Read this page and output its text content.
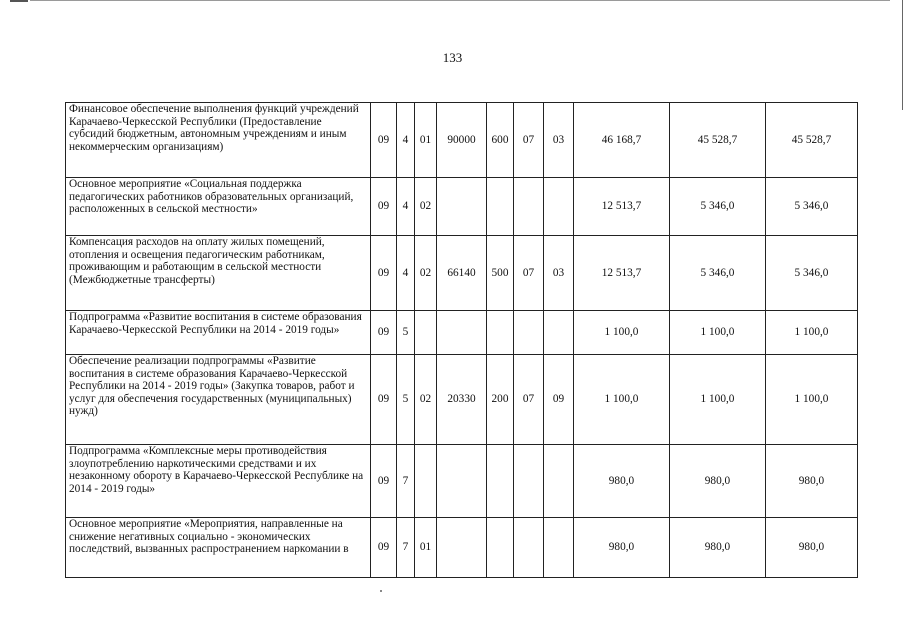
133
Финансовое обеспечение выполнения функций учреждений Карачаево-Черкесской Республики (Предоставление субсидий бюджетным, автономным учреждениям и иным некоммерческим организациям)	09	4	01	90000	600	07	03	46 168,7	45 528,7	45 528,7
Основное мероприятие «Социальная поддержка педагогических работников образовательных организаций, расположенных в сельской местности»	09	4	02					12 513,7	5 346,0	5 346,0
Компенсация расходов на оплату жилых помещений, отопления и освещения педагогическим работникам, проживающим и работающим в сельской местности (Межбюджетные трансферты)	09	4	02	66140	500	07	03	12 513,7	5 346,0	5 346,0
Подпрограмма «Развитие воспитания в системе образования Карачаево-Черкесской Республики на 2014 - 2019 годы»	09	5						1 100,0	1 100,0	1 100,0
Обеспечение реализации подпрограммы «Развитие воспитания в системе образования Карачаево-Черкесской Республики на 2014 - 2019 годы» (Закупка товаров, работ и услуг для обеспечения государственных (муниципальных) нужд)	09	5	02	20330	200	07	09	1 100,0	1 100,0	1 100,0
Подпрограмма «Комплексные меры противодействия злоупотреблению наркотическими средствами и их незаконному обороту в Карачаево-Черкесской Республике на 2014 - 2019 годы»	09	7						980,0	980,0	980,0
Основное мероприятие «Мероприятия, направленные на снижение негативных социально - экономических последствий, вызванных распространением наркомании в	09	7	01					980,0	980,0	980,0
